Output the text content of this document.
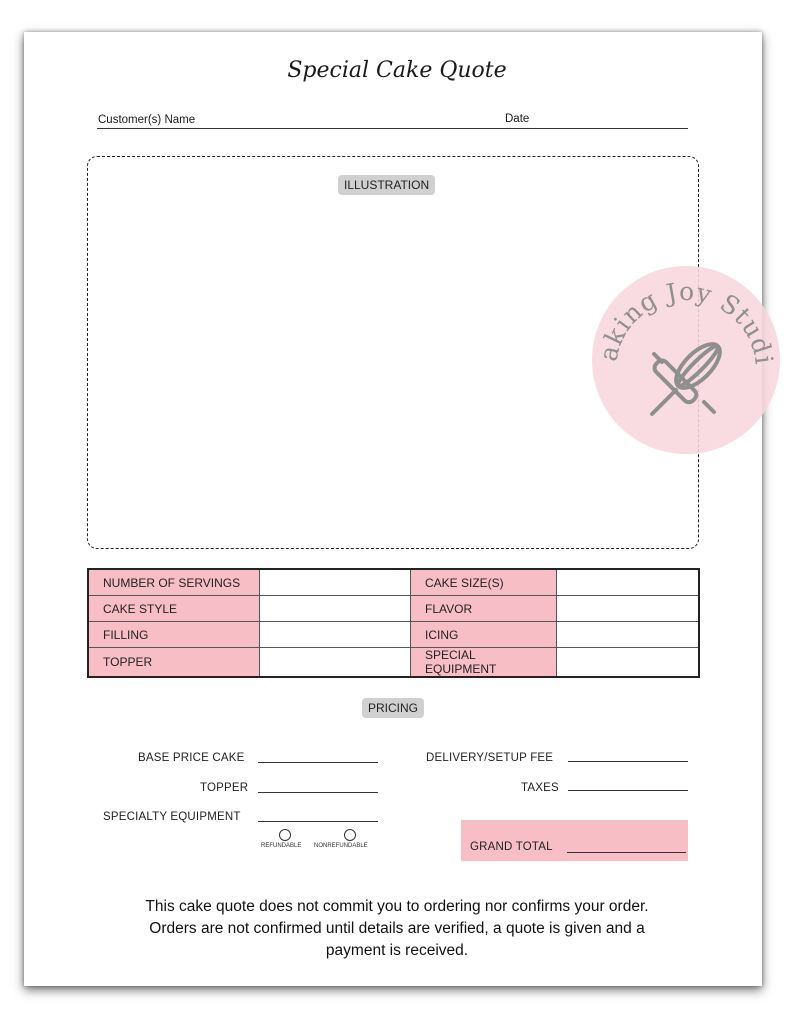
Special Cake Quote
Customer(s) Name	Date
ILLUSTRATION
aking Joy Studi
NUMBER OF SERVINGS		CAKE SIZE(S)	
CAKE STYLE		FLAVOR	
FILLING		ICING	
TOPPER		SPECIAL EQUIPMENT	
PRICING
BASE PRICE CAKE
TOPPER
SPECIALTY EQUIPMENT
REFUNDABLE NONREFUNDABLE
DELIVERY/SETUP FEE
TAXES
GRAND TOTAL
This cake quote does not commit you to ordering nor confirms your order.
Orders are not confirmed until details are verified, a quote is given and a
payment is received.
